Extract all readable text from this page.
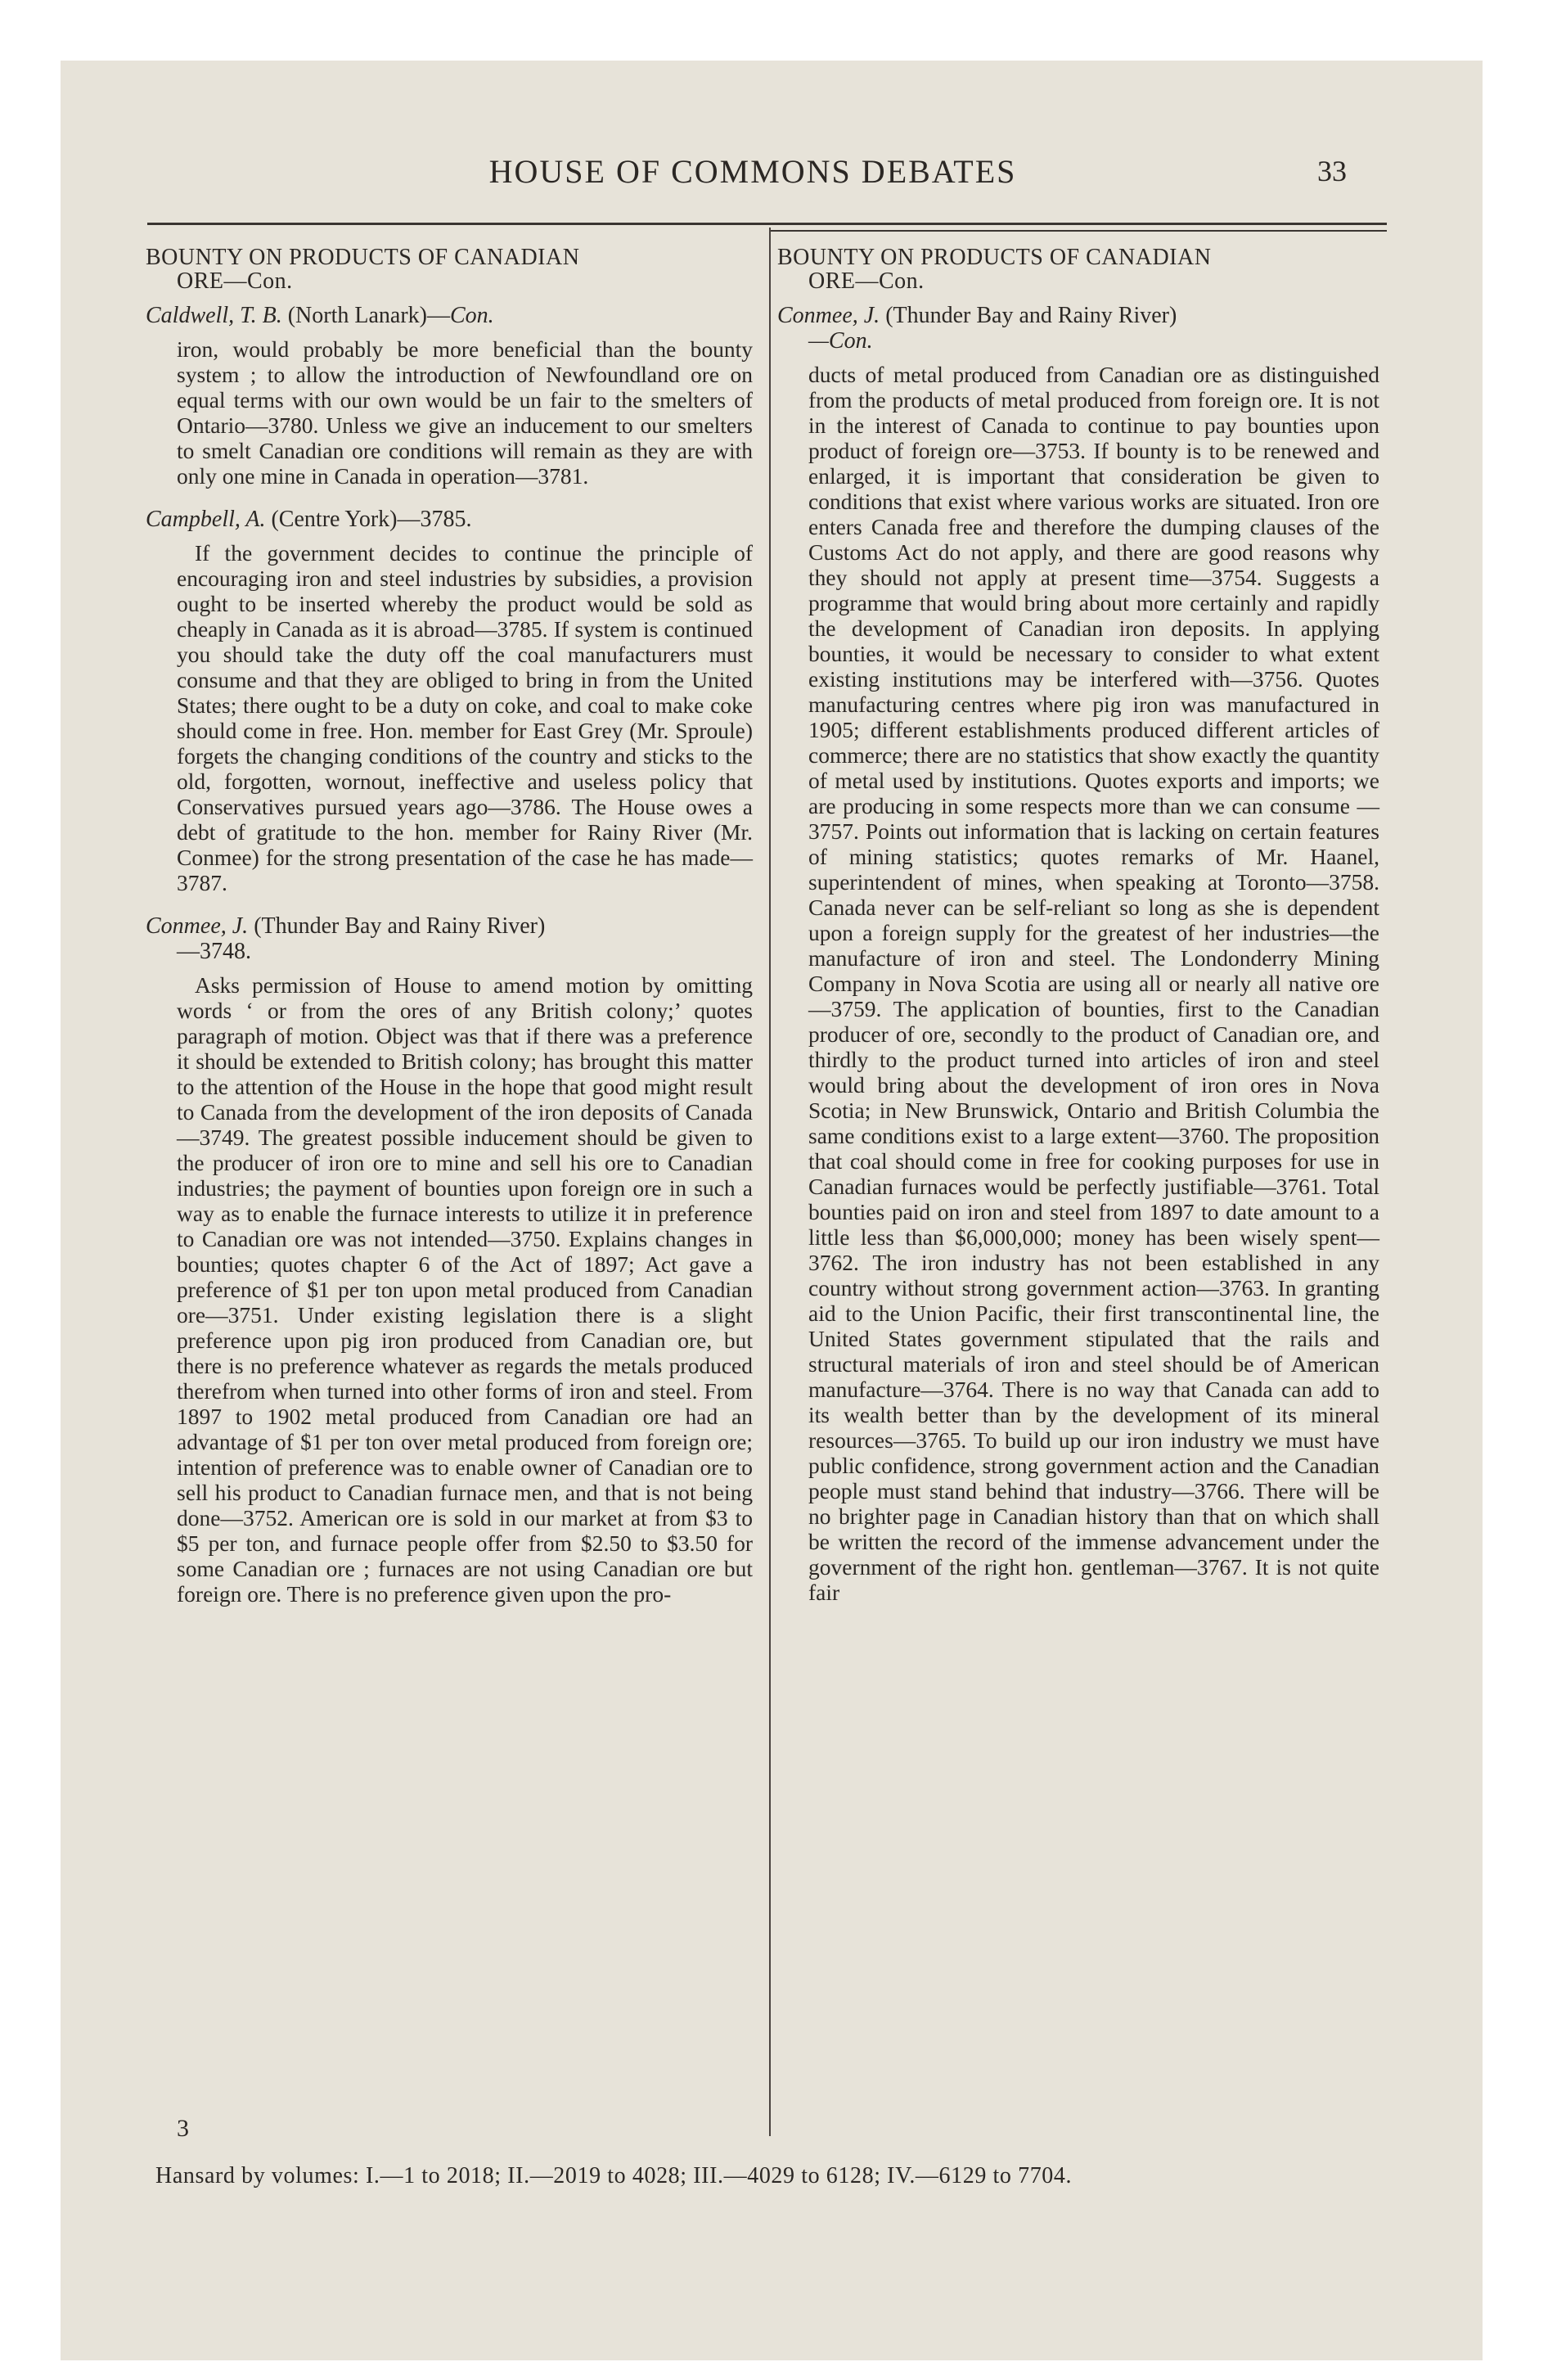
HOUSE OF COMMONS DEBATES	33
BOUNTY ON PRODUCTS OF CANADIAN
ORE—Con.
Caldwell, T. B. (North Lanark)—Con.

iron, would probably be more beneficial than the bounty system ; to allow the introduction of Newfoundland ore on equal terms with our own would be un fair to the smelters of Ontario—3780. Unless we give an inducement to our smelters to smelt Canadian ore conditions will remain as they are with only one mine in Canada in operation—3781.

Campbell, A. (Centre York)—3785.

If the government decides to continue the principle of encouraging iron and steel industries by subsidies, a provision ought to be inserted whereby the product would be sold as cheaply in Canada as it is abroad—3785. If system is continued you should take the duty off the coal manufacturers must consume and that they are obliged to bring in from the United States; there ought to be a duty on coke, and coal to make coke should come in free. Hon. member for East Grey (Mr. Sproule) forgets the changing conditions of the country and sticks to the old, forgotten, wornout, ineffective and useless policy that Conservatives pursued years ago—3786. The House owes a debt of gratitude to the hon. member for Rainy River (Mr. Conmee) for the strong presentation of the case he has made—3787.

Conmee, J. (Thunder Bay and Rainy River)
—3748.

Asks permission of House to amend motion by omitting words ‘ or from the ores of any British colony;’ quotes paragraph of motion. Object was that if there was a preference it should be extended to British colony; has brought this matter to the attention of the House in the hope that good might result to Canada from the development of the iron deposits of Canada—3749. The greatest possible inducement should be given to the producer of iron ore to mine and sell his ore to Canadian industries; the payment of bounties upon foreign ore in such a way as to enable the furnace interests to utilize it in preference to Canadian ore was not intended—3750. Explains changes in bounties; quotes chapter 6 of the Act of 1897; Act gave a preference of $1 per ton upon metal produced from Canadian ore—3751. Under existing legislation there is a slight preference upon pig iron produced from Canadian ore, but there is no preference whatever as regards the metals produced therefrom when turned into other forms of iron and steel. From 1897 to 1902 metal produced from Canadian ore had an advantage of $1 per ton over metal produced from foreign ore; intention of preference was to enable owner of Canadian ore to sell his product to Canadian furnace men, and that is not being done—3752. American ore is sold in our market at from $3 to $5 per ton, and furnace people offer from $2.50 to $3.50 for some Canadian ore ; furnaces are not using Canadian ore but foreign ore. There is no preference given upon the pro-

BOUNTY ON PRODUCTS OF CANADIAN
ORE—Con.
Conmee, J. (Thunder Bay and Rainy River)
—Con.

ducts of metal produced from Canadian ore as distinguished from the products of metal produced from foreign ore. It is not in the interest of Canada to continue to pay bounties upon product of foreign ore—3753. If bounty is to be renewed and enlarged, it is important that consideration be given to conditions that exist where various works are situated. Iron ore enters Canada free and therefore the dumping clauses of the Customs Act do not apply, and there are good reasons why they should not apply at present time—3754. Suggests a programme that would bring about more certainly and rapidly the development of Canadian iron deposits. In applying bounties, it would be necessary to consider to what extent existing institutions may be interfered with—3756. Quotes manufacturing centres where pig iron was manufactured in 1905; different establishments produced different articles of commerce; there are no statistics that show exactly the quantity of metal used by institutions. Quotes exports and imports; we are producing in some respects more than we can consume —3757. Points out information that is lacking on certain features of mining statistics; quotes remarks of Mr. Haanel, superintendent of mines, when speaking at Toronto—3758. Canada never can be self-reliant so long as she is dependent upon a foreign supply for the greatest of her industries—the manufacture of iron and steel. The Londonderry Mining Company in Nova Scotia are using all or nearly all native ore—3759. The application of bounties, first to the Canadian producer of ore, secondly to the product of Canadian ore, and thirdly to the product turned into articles of iron and steel would bring about the development of iron ores in Nova Scotia; in New Brunswick, Ontario and British Columbia the same conditions exist to a large extent—3760. The proposition that coal should come in free for cooking purposes for use in Canadian furnaces would be perfectly justifiable—3761. Total bounties paid on iron and steel from 1897 to date amount to a little less than $6,000,000; money has been wisely spent—3762. The iron industry has not been established in any country without strong government action—3763. In granting aid to the Union Pacific, their first transcontinental line, the United States government stipulated that the rails and structural materials of iron and steel should be of American manufacture—3764. There is no way that Canada can add to its wealth better than by the development of its mineral resources—3765. To build up our iron industry we must have public confidence, strong government action and the Canadian people must stand behind that industry—3766. There will be no brighter page in Canadian history than that on which shall be written the record of the immense advancement under the government of the right hon. gentleman—3767. It is not quite fair

3
Hansard by volumes: I.—1 to 2018; II.—2019 to 4028; III.—4029 to 6128; IV.—6129 to 7704.
